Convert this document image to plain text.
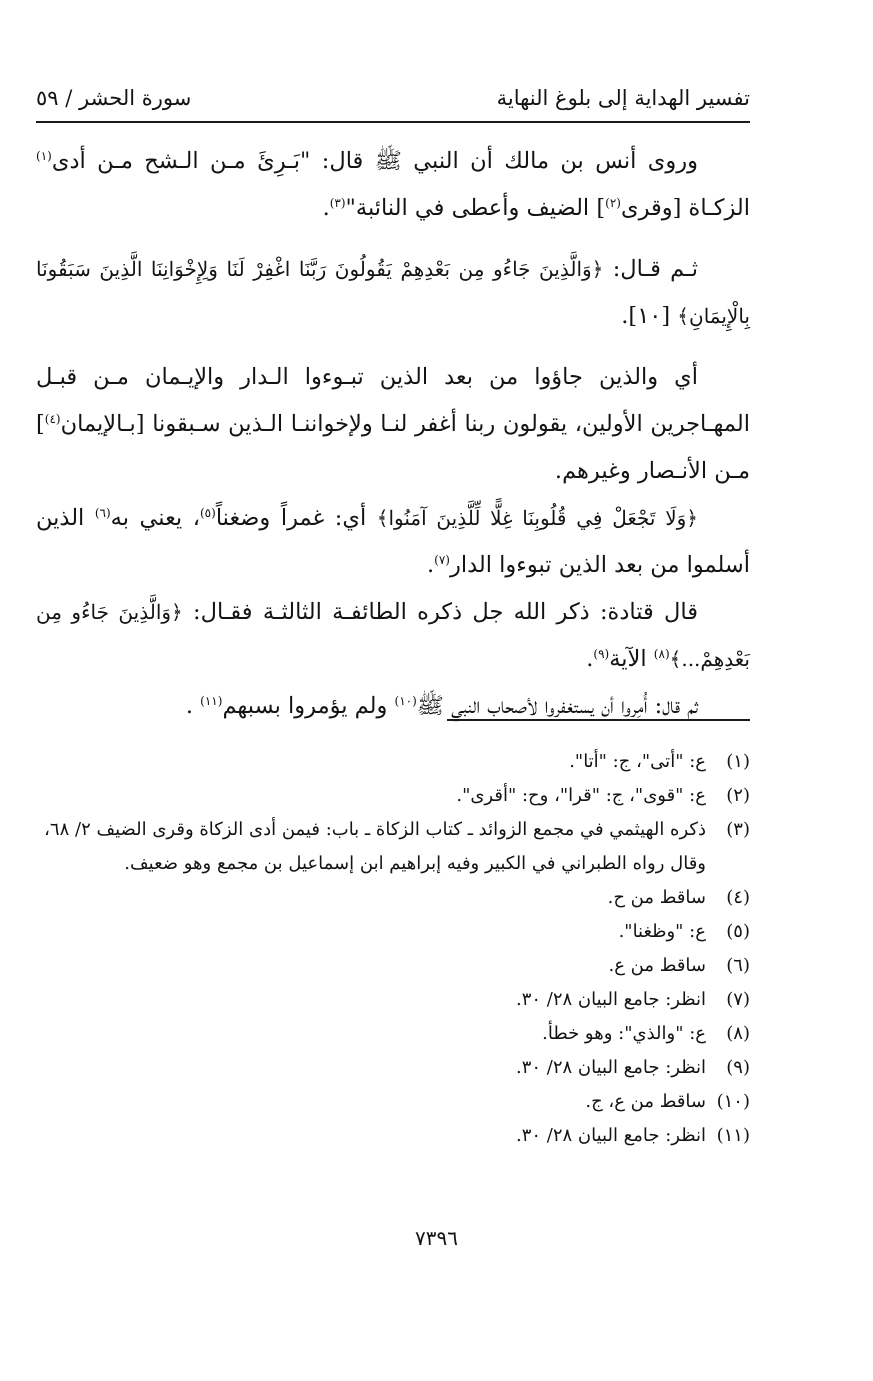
تفسير الهداية إلى بلوغ النهاية
سورة الحشر / ٥٩

وروى أنس بن مالك أن النبي ﷺ قال: "بَـرِئَ مـن الـشح مـن أدى$^{(١)}$ الزكـاة [وقرى$^{(٢)}$] الضيف وأعطى في النائبة"$^{(٣)}$.

ثـم قـال: ﴿وَالَّذِينَ جَاءُو مِن بَعْدِهِمْ يَقُولُونَ رَبَّنَا اغْفِرْ لَنَا وَلِإِخْوَانِنَا الَّذِينَ سَبَقُونَا بِالْإِيمَانِ﴾ [١٠].

أي والذين جاؤوا من بعد الذين تبـوءوا الـدار والإيـمان مـن قبـل المهـاجرين الأولين، يقولون ربنا أغفر لنـا ولإخواننـا الـذين سـبقونا [بـالإيمان$^{(٤)}$] مـن الأنـصار وغيرهم.

﴿وَلَا تَجْعَلْ فِي قُلُوبِنَا غِلًّا لِّلَّذِينَ آمَنُوا﴾ أي: غمراً وضغناً$^{(٥)}$، يعني به$^{(٦)}$ الذين أسلموا من بعد الذين تبوءوا الدار$^{(٧)}$.

قال قتادة: ذكر الله جل ذكره الطائفـة الثالثـة فقـال: ﴿وَالَّذِينَ جَاءُو مِن بَعْدِهِمْ...﴾$^{(٨)}$ الآية$^{(٩)}$.

ثم قال: أُمِروا أن يستغفروا لأصحاب النبي ﷺ$^{(١٠)}$ ولم يؤمروا بسبهم$^{(١١)}$ .

(١)
ع: "أتى"، ج: "أتا".
(٢)
ع: "قوى"، ج: "قرا"، وح: "أقرى".
(٣)
ذكره الهيثمي في مجمع الزوائد ـ كتاب الزكاة ـ باب: فيمن أدى الزكاة وقرى الضيف ٢/ ٦٨، وقال رواه الطبراني في الكبير وفيه إبراهيم ابن إسماعيل بن مجمع وهو ضعيف.
(٤)
ساقط من ح.
(٥)
ع: "وظغنا".
(٦)
ساقط من ع.
(٧)
انظر: جامع البيان ٢٨/ ٣٠.
(٨)
ع: "والذي": وهو خطأ.
(٩)
انظر: جامع البيان ٢٨/ ٣٠.
(١٠)
ساقط من ع، ج.
(١١)
انظر: جامع البيان ٢٨/ ٣٠.
٧٣٩٦
